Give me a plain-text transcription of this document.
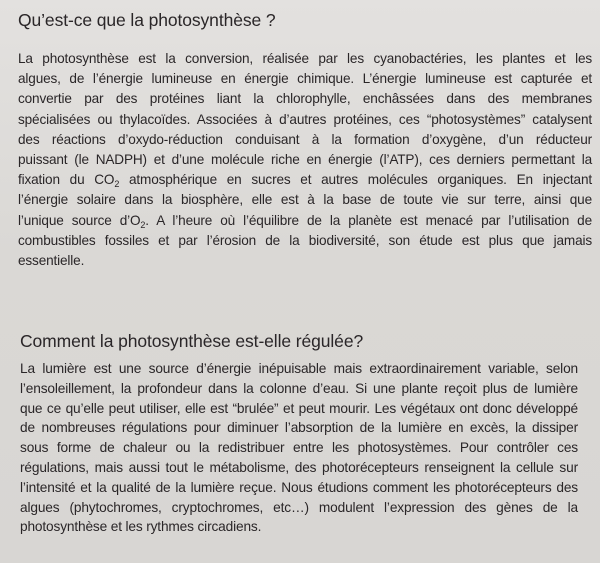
Qu’est-ce que la photosynthèse ?

La photosynthèse est la conversion, réalisée par les cyanobactéries, les plantes et les
algues, de l’énergie lumineuse en énergie chimique. L’énergie lumineuse est capturée et
convertie par des protéines liant la chlorophylle, enchâssées dans des membranes
spécialisées ou thylacoïdes. Associées à d’autres protéines, ces “photosystèmes” catalysent
des réactions d’oxydo-réduction conduisant à la formation d’oxygène, d’un réducteur
puissant (le NADPH) et d’une molécule riche en énergie (l’ATP), ces derniers permettant la
fixation du $CO_2$ atmosphérique en sucres et autres molécules organiques. En injectant
l’énergie solaire dans la biosphère, elle est à la base de toute vie sur terre, ainsi que
l’unique source $d’O_2$. A l’heure où l’équilibre de la planète est menacé par l’utilisation de
combustibles fossiles et par l’érosion de la biodiversité, son étude est plus que jamais
essentielle.

Comment la photosynthèse est-elle régulée?

La lumière est une source d’énergie inépuisable mais extraordinairement variable, selon
l’ensoleillement, la profondeur dans la colonne d’eau. Si une plante reçoit plus de lumière
que ce qu’elle peut utiliser, elle est “brulée” et peut mourir. Les végétaux ont donc développé
de nombreuses régulations pour diminuer l’absorption de la lumière en excès, la dissiper
sous forme de chaleur ou la redistribuer entre les photosystèmes. Pour contrôler ces
régulations, mais aussi tout le métabolisme, des photorécepteurs renseignent la cellule sur
l’intensité et la qualité de la lumière reçue. Nous étudions comment les photorécepteurs des
algues (phytochromes, cryptochromes, etc…) modulent l’expression des gènes de la
photosynthèse et les rythmes circadiens.
